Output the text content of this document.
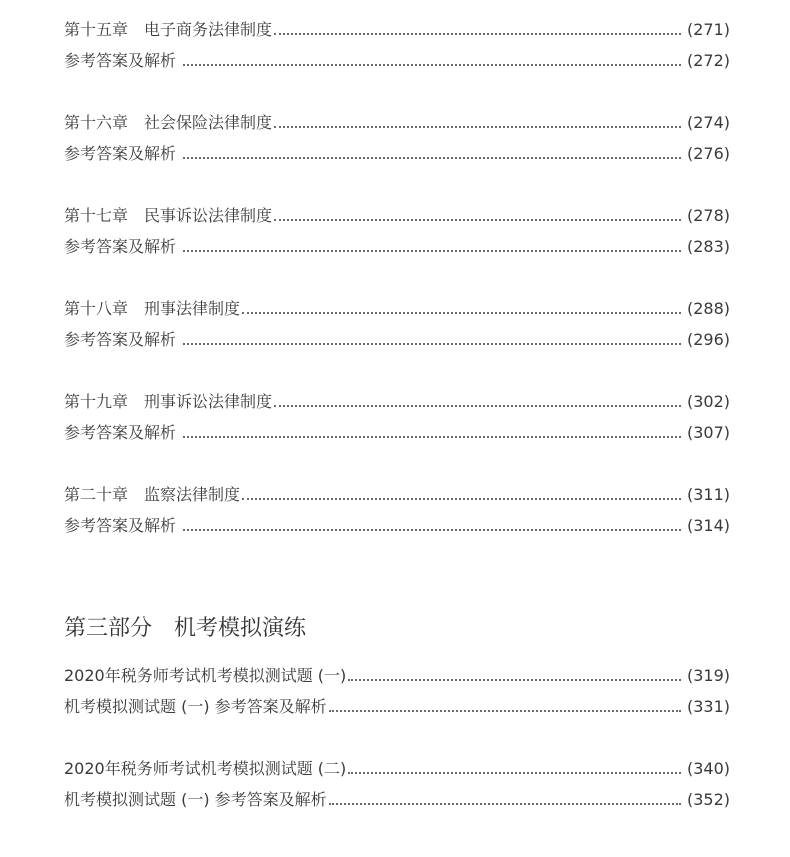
第十五章　电子商务法律制度	(271)
参考答案及解析	(272)
第十六章　社会保险法律制度	(274)
参考答案及解析	(276)
第十七章　民事诉讼法律制度	(278)
参考答案及解析	(283)
第十八章　刑事法律制度	(288)
参考答案及解析	(296)
第十九章　刑事诉讼法律制度	(302)
参考答案及解析	(307)
第二十章　监察法律制度	(311)
参考答案及解析	(314)
第三部分　机考模拟演练
2020年税务师考试机考模拟测试题 (一)	(319)
机考模拟测试题 (一) 参考答案及解析	(331)
2020年税务师考试机考模拟测试题 (二)	(340)
机考模拟测试题 (一) 参考答案及解析	(352)
